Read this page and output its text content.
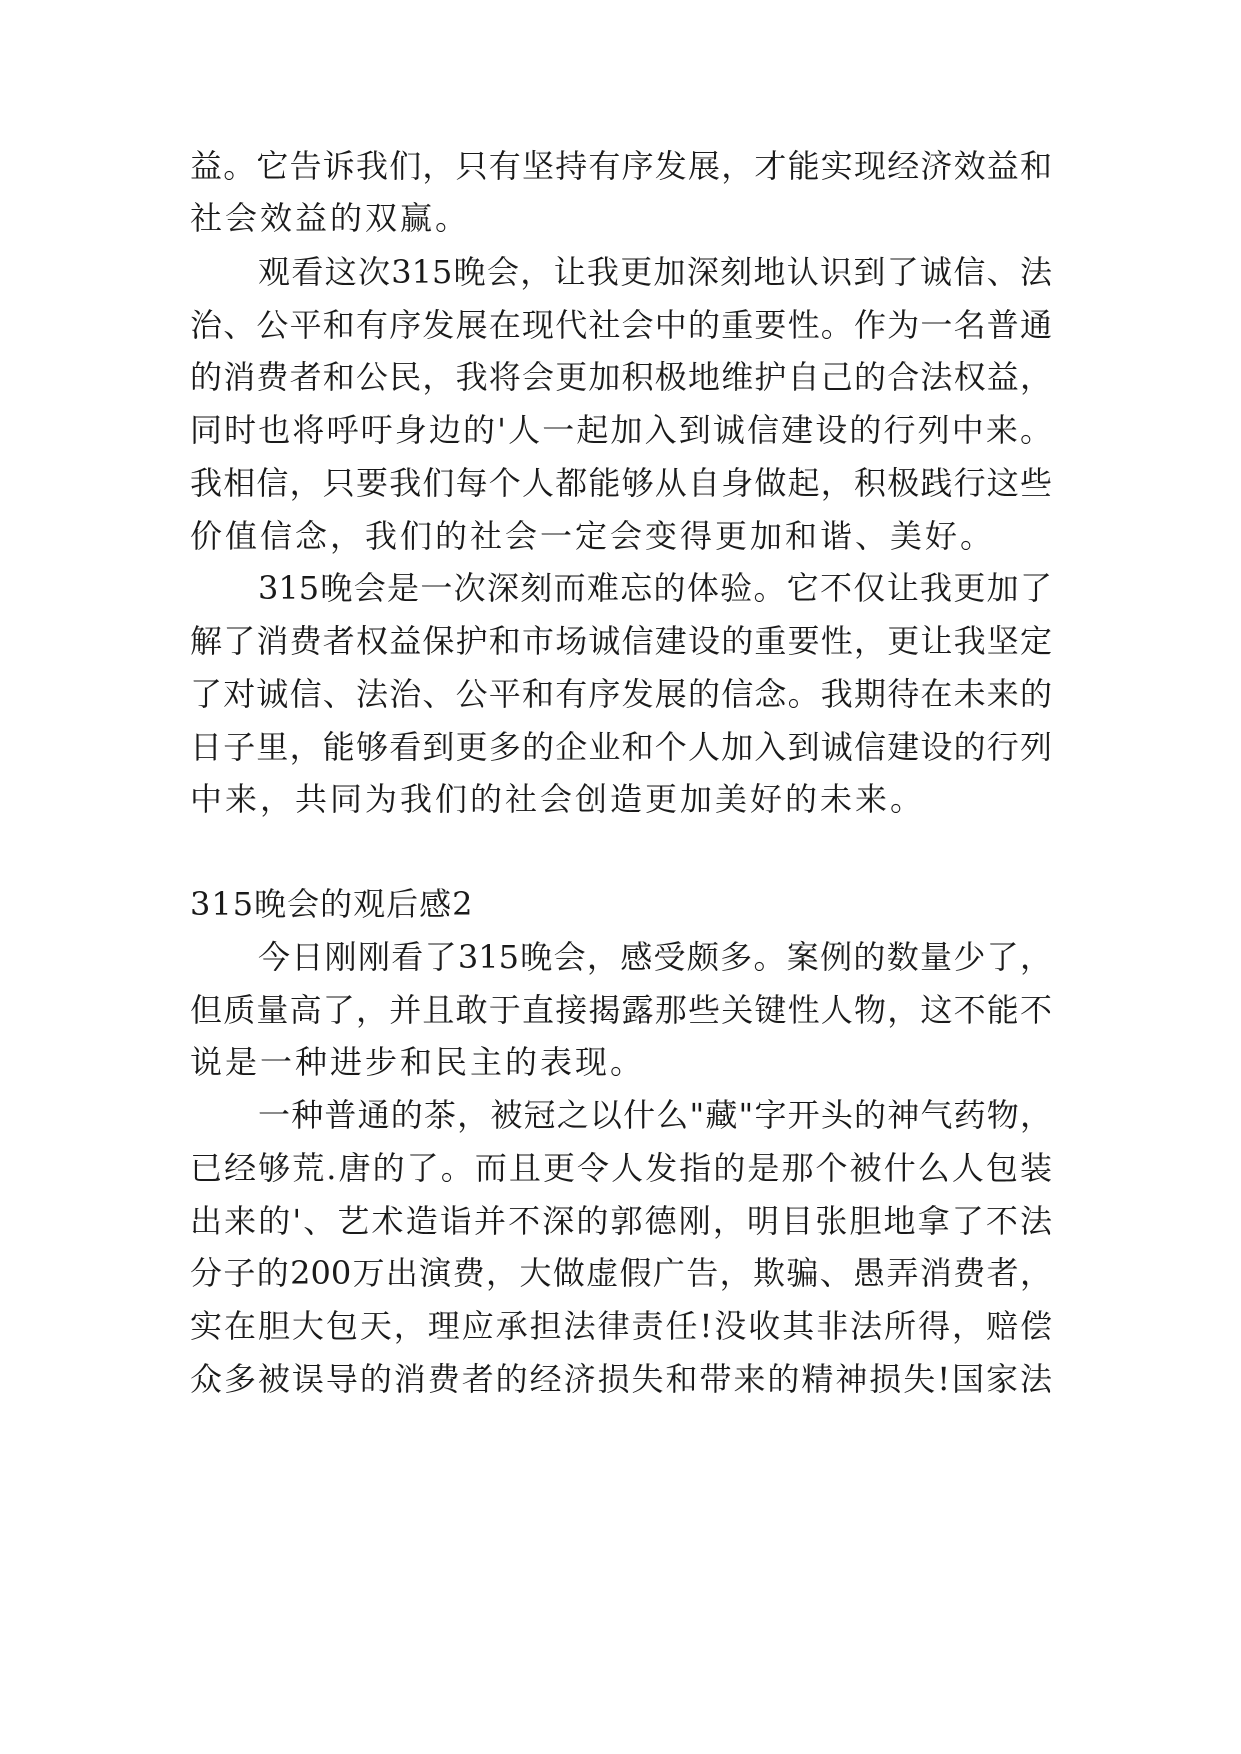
益。它告诉我们，只有坚持有序发展，才能实现经济效益和
社会效益的双赢。
观看这次315晚会，让我更加深刻地认识到了诚信、法
治、公平和有序发展在现代社会中的重要性。作为一名普通
的消费者和公民，我将会更加积极地维护自己的合法权益，
同时也将呼吁身边的'人一起加入到诚信建设的行列中来。
我相信，只要我们每个人都能够从自身做起，积极践行这些
价值信念，我们的社会一定会变得更加和谐、美好。
315晚会是一次深刻而难忘的体验。它不仅让我更加了
解了消费者权益保护和市场诚信建设的重要性，更让我坚定
了对诚信、法治、公平和有序发展的信念。我期待在未来的
日子里，能够看到更多的企业和个人加入到诚信建设的行列
中来，共同为我们的社会创造更加美好的未来。
315晚会的观后感2
今日刚刚看了315晚会，感受颇多。案例的数量少了，
但质量高了，并且敢于直接揭露那些关键性人物，这不能不
说是一种进步和民主的表现。
一种普通的茶，被冠之以什么"藏"字开头的神气药物，
已经够荒.唐的了。而且更令人发指的是那个被什么人包装
出来的'、艺术造诣并不深的郭德刚，明目张胆地拿了不法
分子的200万出演费，大做虚假广告，欺骗、愚弄消费者，
实在胆大包天，理应承担法律责任!没收其非法所得，赔偿
众多被误导的消费者的经济损失和带来的精神损失!国家法
